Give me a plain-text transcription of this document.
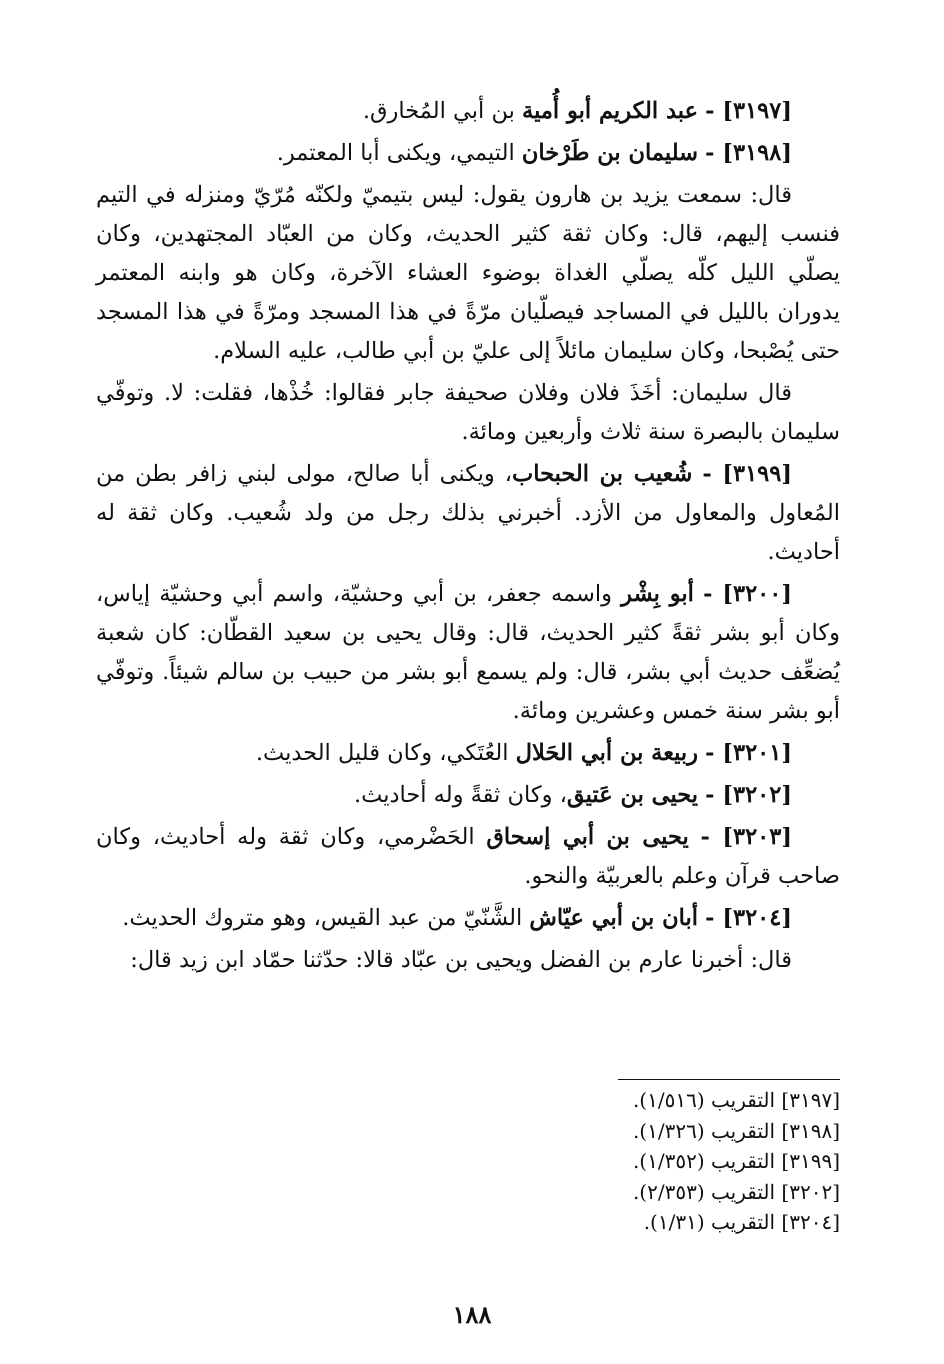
[٣١٩٧] - عبد الكريم أبو أُمية بن أبي المُخارق.

[٣١٩٨] - سليمان بن طَرْخان التيمي، ويكنى أبا المعتمر.

قال: سمعت يزيد بن هارون يقول: ليس بتيميّ ولكنّه مُرّيّ ومنزله في التيم فنسب إليهم، قال: وكان ثقة كثير الحديث، وكان من العبّاد المجتهدين، وكان يصلّي الليل كلّه يصلّي الغداة بوضوء العشاء الآخرة، وكان هو وابنه المعتمر يدوران بالليل في المساجد فيصلّيان مرّةً في هذا المسجد ومرّةً في هذا المسجد حتى يُصْبحا، وكان سليمان مائلاً إلى عليّ بن أبي طالب، عليه السلام.

قال سليمان: أخَذَ فلان وفلان صحيفة جابر فقالوا: خُذْها، فقلت: لا. وتوفّي سليمان بالبصرة سنة ثلاث وأربعين ومائة.

[٣١٩٩] - شُعيب بن الحبحاب، ويكنى أبا صالح، مولى لبني زافر بطن من المُعاول والمعاول من الأزد. أخبرني بذلك رجل من ولد شُعيب. وكان ثقة له أحاديث.

[٣٢٠٠] - أبو بِشْر واسمه جعفر، بن أبي وحشيّة، واسم أبي وحشيّة إياس، وكان أبو بشر ثقةً كثير الحديث، قال: وقال يحيى بن سعيد القطّان: كان شعبة يُضعِّف حديث أبي بشر، قال: ولم يسمع أبو بشر من حبيب بن سالم شيئاً. وتوفّي أبو بشر سنة خمس وعشرين ومائة.

[٣٢٠١] - ربيعة بن أبي الحَلال العُتَكي، وكان قليل الحديث.

[٣٢٠٢] - يحيى بن عَتيق، وكان ثقةً وله أحاديث.

[٣٢٠٣] - يحيى بن أبي إسحاق الحَضْرمي، وكان ثقة وله أحاديث، وكان صاحب قرآن وعلم بالعربيّة والنحو.

[٣٢٠٤] - أبان بن أبي عيّاش الشَّنّيّ من عبد القيس، وهو متروك الحديث.

قال: أخبرنا عارم بن الفضل ويحيى بن عبّاد قالا: حدّثنا حمّاد ابن زيد قال:

[٣١٩٧] التقريب (١/٥١٦).
[٣١٩٨] التقريب (١/٣٢٦).
[٣١٩٩] التقريب (١/٣٥٢).
[٣٢٠٢] التقريب (٢/٣٥٣).
[٣٢٠٤] التقريب (١/٣١).
١٨٨
